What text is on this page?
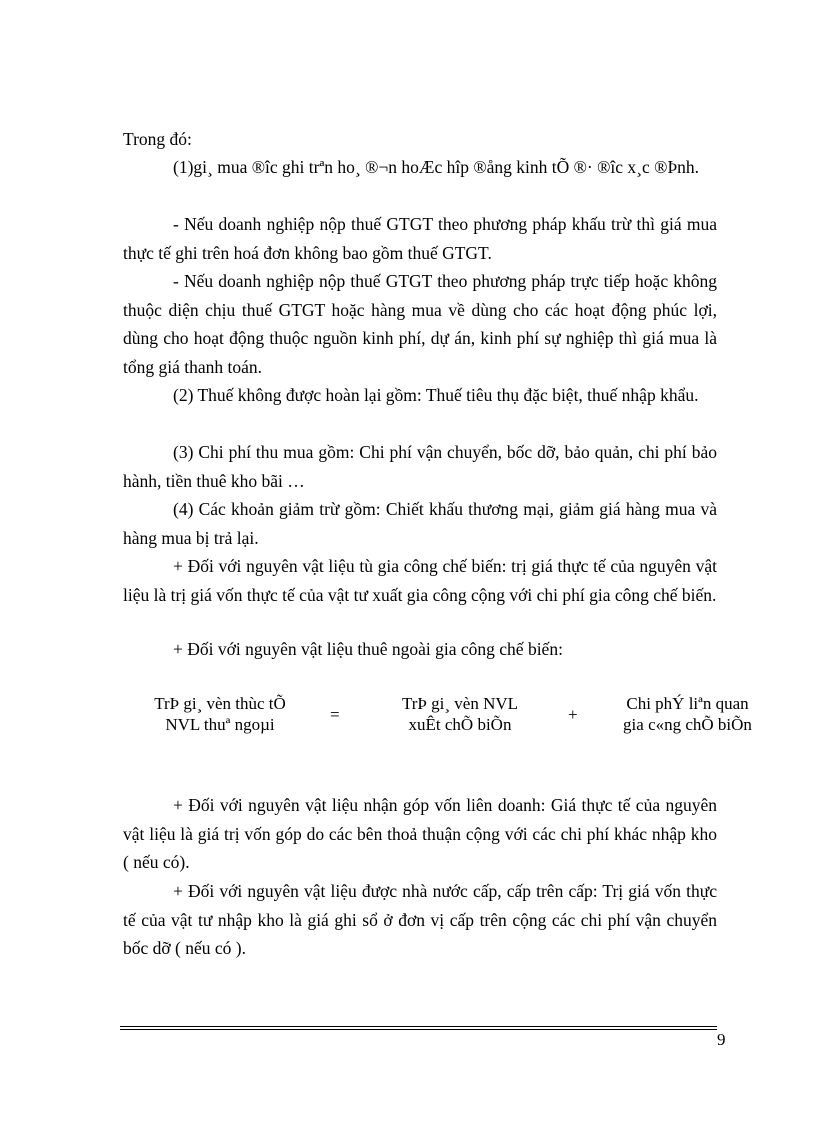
Trong đó:

(1)gi¸ mua ®îc ghi trªn ho¸ ®¬n hoÆc hîp ®ång kinh tÕ ®· ®îc x¸c ®Þnh.

- Nếu doanh nghiệp nộp thuế GTGT theo phương pháp khấu trừ thì giá mua thực tế ghi trên hoá đơn không bao gồm thuế GTGT.

- Nếu doanh nghiệp nộp thuế GTGT theo phương pháp trực tiếp hoặc không thuộc diện chịu thuế GTGT hoặc hàng mua về dùng cho các hoạt động phúc lợi, dùng cho hoạt động thuộc nguồn kinh phí, dự án, kinh phí sự nghiệp thì giá mua là tổng giá thanh toán.

(2) Thuế không được hoàn lại gồm: Thuế tiêu thụ đặc biệt, thuế nhập khẩu.

(3) Chi phí thu mua gồm: Chi phí vận chuyển, bốc dỡ, bảo quản, chi phí bảo hành, tiền thuê kho bãi …

(4) Các khoản giảm trừ gồm: Chiết khấu thương mại, giảm giá hàng mua và hàng mua bị trả lại.

+ Đối với nguyên vật liệu tù gia công chế biến: trị giá thực tế của nguyên vật liệu là trị giá vốn thực tế của vật tư xuất gia công cộng với chi phí gia công chế biến.

+ Đối với nguyên vật liệu thuê ngoài gia công chế biến:

TrÞ gi¸ vèn thùc tÕ
NVL thuª ngoµi
=
TrÞ gi¸ vèn NVL
xuÊt chÕ biÕn
+
Chi phÝ liªn quan
gia c«ng chÕ biÕn

+ Đối với nguyên vật liệu nhận góp vốn liên doanh: Giá thực tế của nguyên vật liệu là giá trị vốn góp do các bên thoả thuận cộng với các chi phí khác nhập kho ( nếu có).

+ Đối với nguyên vật liệu được nhà nước cấp, cấp trên cấp: Trị giá vốn thực tế của vật tư nhập kho là giá ghi sổ ở đơn vị cấp trên cộng các chi phí vận chuyển bốc dỡ ( nếu có ).

9
